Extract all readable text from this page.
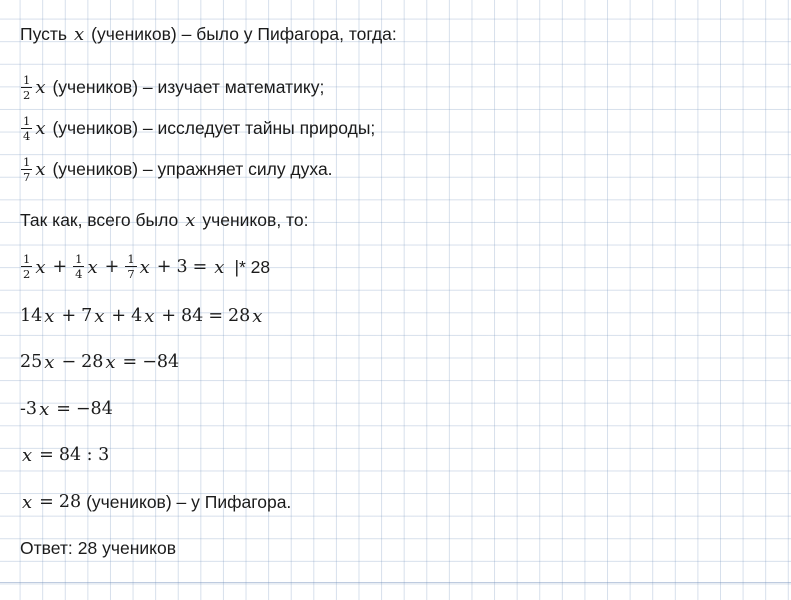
Пусть x (учеников) – было у Пифагора, тогда:
$\frac{1}{2}$ x (учеников) – изучает математику;
$\frac{1}{4}$ x (учеников) – исследует тайны природы;
$\frac{1}{7}$ x (учеников) – упражняет силу духа.
Так как, всего было x учеников, то:
$\frac{1}{2}$ $x + \frac{1}{4}$ $x + \frac{1}{7}$ x + 3 = x |* 28
14 x + 7 x + 4 x + 84 = 28 x
25 x − 28 x = −84
-3 x = −84
x = 84 : 3
x = 28 (учеников) – у Пифагора.
Ответ: 28 учеников
